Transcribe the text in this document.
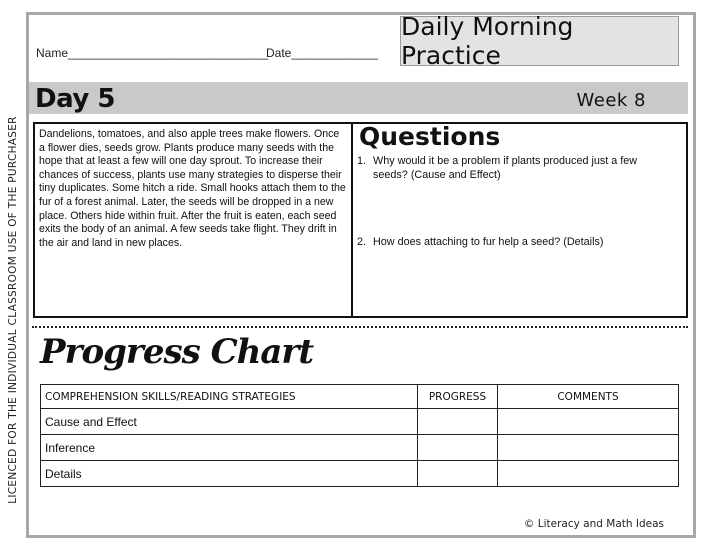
LICENCED FOR THE INDIVIDUAL CLASSROOM USE OF THE PURCHASER
Name______________________________
Date_____________
Daily Morning Practice
Day 5	Week 8

Dandelions, tomatoes, and also apple trees make flowers. Once a flower dies, seeds grow. Plants produce many seeds with the hope that at least a few will one day sprout. To increase their chances of success, plants use many strategies to disperse their tiny duplicates. Some hitch a ride. Small hooks attach them to the fur of a forest animal. Later, the seeds will be dropped in a new place. Others hide within fruit. After the fruit is eaten, each seed exits the body of an animal. A few seeds take flight. They drift in the air and land in new places.

Questions
1. Why would it be a problem if plants produced just a few seeds? (Cause and Effect)
2. How does attaching to fur help a seed? (Details)
Progress Chart
COMPREHENSION SKILLS/READING STRATEGIES	PROGRESS	COMMENTS
Cause and Effect		
Inference		
Details		
© Literacy and Math Ideas
